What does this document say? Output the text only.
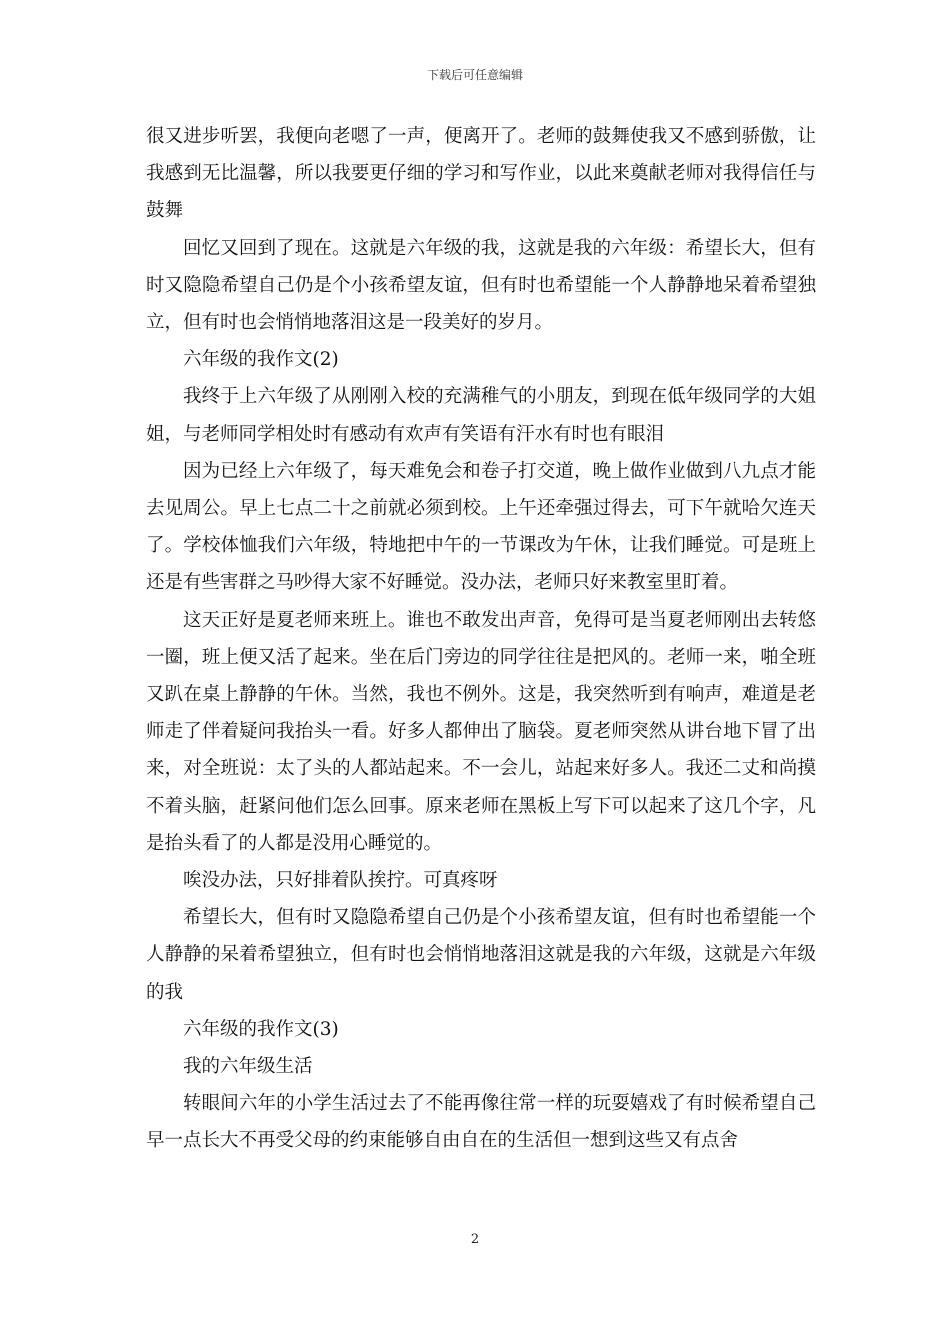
下载后可任意编辑

很又进步听罢，我便向老嗯了一声，便离开了。老师的鼓舞使我又不感到骄傲，让我感到无比温馨，所以我要更仔细的学习和写作业，以此来奠献老师对我得信任与鼓舞

回忆又回到了现在。这就是六年级的我，这就是我的六年级：希望长大，但有时又隐隐希望自己仍是个小孩希望友谊，但有时也希望能一个人静静地呆着希望独立，但有时也会悄悄地落泪这是一段美好的岁月。

六年级的我作文(2)

我终于上六年级了从刚刚入校的充满稚气的小朋友，到现在低年级同学的大姐姐，与老师同学相处时有感动有欢声有笑语有汗水有时也有眼泪

因为已经上六年级了，每天难免会和卷子打交道，晚上做作业做到八九点才能去见周公。早上七点二十之前就必须到校。上午还牵强过得去，可下午就哈欠连天了。学校体恤我们六年级，特地把中午的一节课改为午休，让我们睡觉。可是班上还是有些害群之马吵得大家不好睡觉。没办法，老师只好来教室里盯着。

这天正好是夏老师来班上。谁也不敢发出声音，免得可是当夏老师刚出去转悠一圈，班上便又活了起来。坐在后门旁边的同学往往是把风的。老师一来，啪全班又趴在桌上静静的午休。当然，我也不例外。这是，我突然听到有响声，难道是老师走了伴着疑问我抬头一看。好多人都伸出了脑袋。夏老师突然从讲台地下冒了出来，对全班说：太了头的人都站起来。不一会儿，站起来好多人。我还二丈和尚摸不着头脑，赶紧问他们怎么回事。原来老师在黑板上写下可以起来了这几个字，凡是抬头看了的人都是没用心睡觉的。

唉没办法，只好排着队挨拧。可真疼呀

希望长大，但有时又隐隐希望自己仍是个小孩希望友谊，但有时也希望能一个人静静的呆着希望独立，但有时也会悄悄地落泪这就是我的六年级，这就是六年级的我

六年级的我作文(3)

我的六年级生活

转眼间六年的小学生活过去了不能再像往常一样的玩耍嬉戏了有时候希望自己早一点长大不再受父母的约束能够自由自在的生活但一想到这些又有点舍

2
